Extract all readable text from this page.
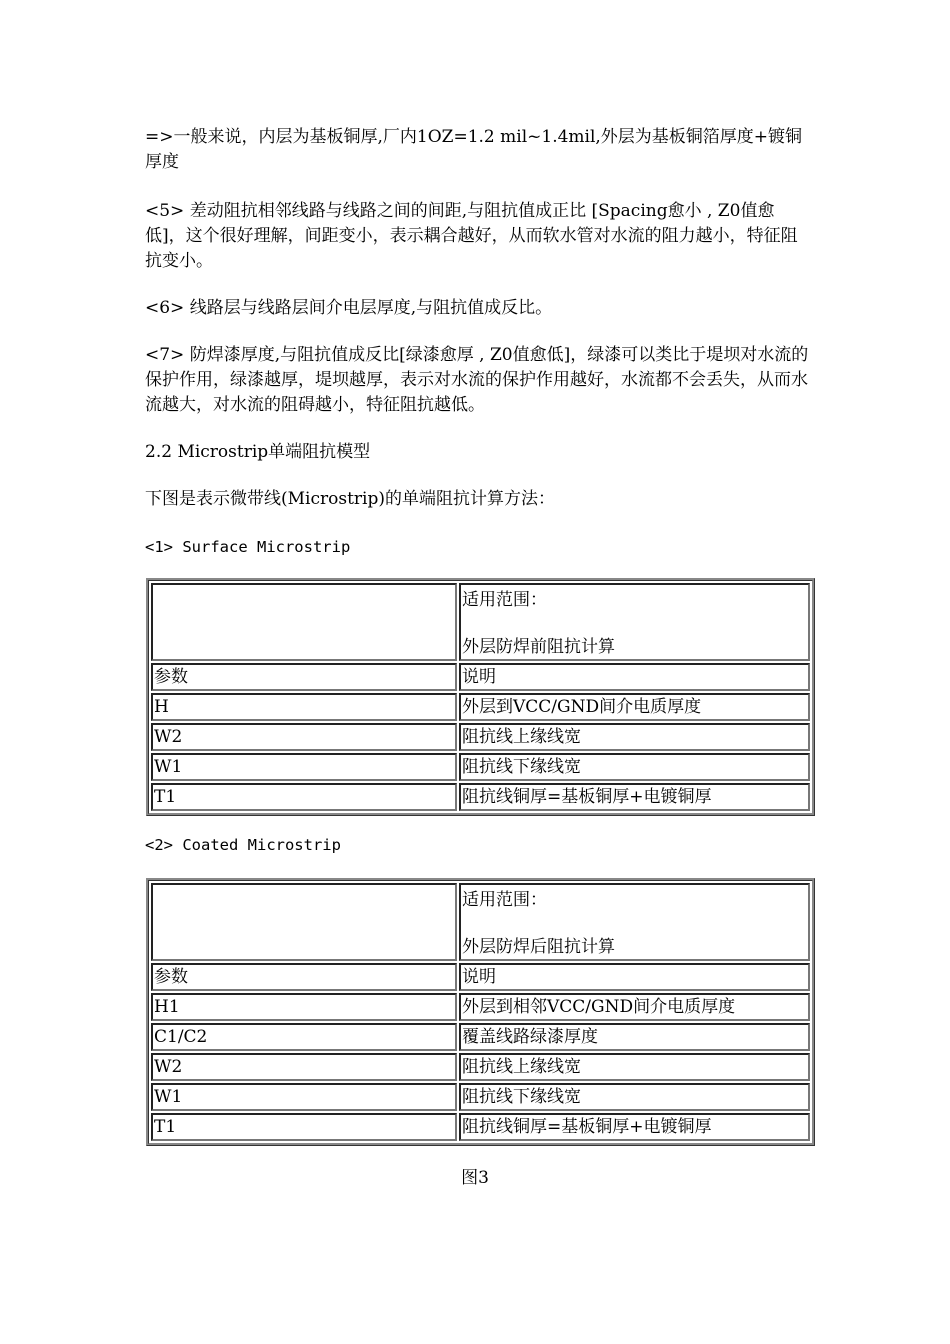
=>一般来说，内层为基板铜厚,厂内1OZ=1.2 mil~1.4mil,外层为基板铜箔厚度+镀铜厚度

<5> 差动阻抗相邻线路与线路之间的间距,与阻抗值成正比 [Spacing愈小 , Z0值愈低]，这个很好理解，间距变小，表示耦合越好，从而软水管对水流的阻力越小，特征阻抗变小。

<6> 线路层与线路层间介电层厚度,与阻抗值成反比。

<7> 防焊漆厚度,与阻抗值成反比[绿漆愈厚 , Z0值愈低]，绿漆可以类比于堤坝对水流的保护作用，绿漆越厚，堤坝越厚，表示对水流的保护作用越好，水流都不会丢失，从而水流越大，对水流的阻碍越小，特征阻抗越低。

2.2 Microstrip单端阻抗模型

下图是表示微带线(Microstrip)的单端阻抗计算方法：

<1> Surface Microstrip

	适用范围：
外层防焊前阻抗计算

参数	说明
H	外层到VCC/GND间介电质厚度
W2	阻抗线上缘线宽
W1	阻抗线下缘线宽
T1	阻抗线铜厚=基板铜厚+电镀铜厚

<2> Coated Microstrip

	适用范围：
外层防焊后阻抗计算

参数	说明
H1	外层到相邻VCC/GND间介电质厚度
C1/C2	覆盖线路绿漆厚度
W2	阻抗线上缘线宽
W1	阻抗线下缘线宽
T1	阻抗线铜厚=基板铜厚+电镀铜厚
图3
